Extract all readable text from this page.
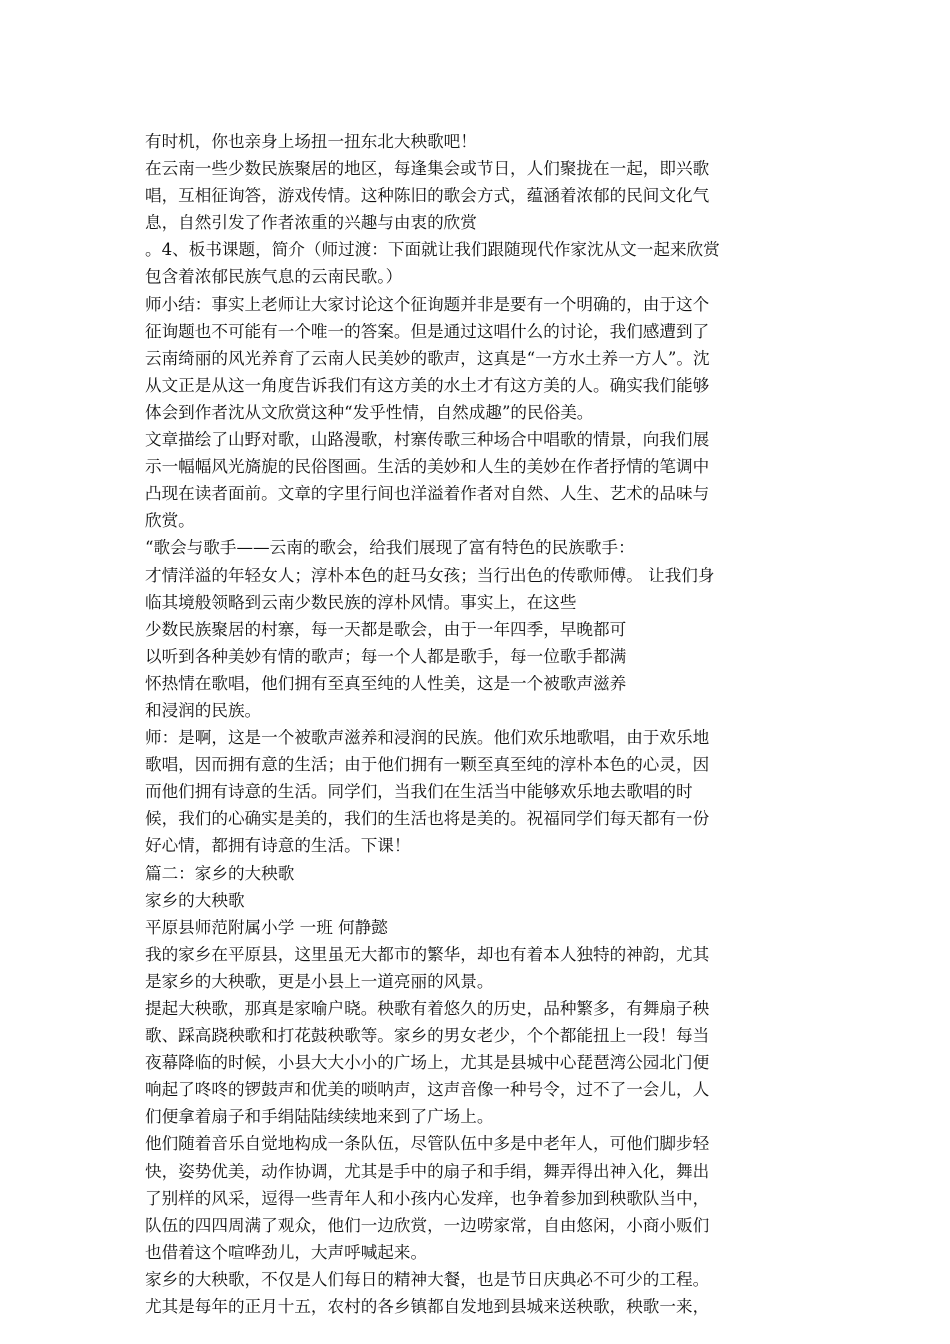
有时机，你也亲身上场扭一扭东北大秧歌吧！
在云南一些少数民族聚居的地区，每逢集会或节日，人们聚拢在一起，即兴歌
唱，互相征询答，游戏传情。这种陈旧的歌会方式，蕴涵着浓郁的民间文化气
息，自然引发了作者浓重的兴趣与由衷的欣赏
。4、板书课题，简介（师过渡：下面就让我们跟随现代作家沈从文一起来欣赏
包含着浓郁民族气息的云南民歌。）
师小结：事实上老师让大家讨论这个征询题并非是要有一个明确的，由于这个
征询题也不可能有一个唯一的答案。但是通过这唱什么的讨论，我们感遭到了
云南绮丽的风光养育了云南人民美妙的歌声，这真是“一方水土养一方人”。沈
从文正是从这一角度告诉我们有这方美的水土才有这方美的人。确实我们能够
体会到作者沈从文欣赏这种“发乎性情，自然成趣”的民俗美。
文章描绘了山野对歌，山路漫歌，村寨传歌三种场合中唱歌的情景，向我们展
示一幅幅风光旖旎的民俗图画。生活的美妙和人生的美妙在作者抒情的笔调中
凸现在读者面前。文章的字里行间也洋溢着作者对自然、人生、艺术的品味与
欣赏。
“歌会与歌手——云南的歌会，给我们展现了富有特色的民族歌手：
才情洋溢的年轻女人；淳朴本色的赶马女孩；当行出色的传歌师傅。 让我们身
临其境般领略到云南少数民族的淳朴风情。事实上，在这些
少数民族聚居的村寨，每一天都是歌会，由于一年四季，早晚都可
以听到各种美妙有情的歌声；每一个人都是歌手，每一位歌手都满
怀热情在歌唱，他们拥有至真至纯的人性美，这是一个被歌声滋养
和浸润的民族。
师：是啊，这是一个被歌声滋养和浸润的民族。他们欢乐地歌唱，由于欢乐地
歌唱，因而拥有意的生活；由于他们拥有一颗至真至纯的淳朴本色的心灵，因
而他们拥有诗意的生活。同学们，当我们在生活当中能够欢乐地去歌唱的时
候，我们的心确实是美的，我们的生活也将是美的。祝福同学们每天都有一份
好心情，都拥有诗意的生活。下课！
篇二：家乡的大秧歌
家乡的大秧歌
平原县师范附属小学 一班 何静懿
我的家乡在平原县，这里虽无大都市的繁华，却也有着本人独特的神韵，尤其
是家乡的大秧歌，更是小县上一道亮丽的风景。
提起大秧歌，那真是家喻户晓。秧歌有着悠久的历史，品种繁多，有舞扇子秧
歌、踩高跷秧歌和打花鼓秧歌等。家乡的男女老少，个个都能扭上一段！每当
夜幕降临的时候，小县大大小小的广场上，尤其是县城中心琵琶湾公园北门便
响起了咚咚的锣鼓声和优美的唢呐声，这声音像一种号令，过不了一会儿，人
们便拿着扇子和手绢陆陆续续地来到了广场上。
他们随着音乐自觉地构成一条队伍，尽管队伍中多是中老年人，可他们脚步轻
快，姿势优美，动作协调，尤其是手中的扇子和手绢，舞弄得出神入化，舞出
了别样的风采，逗得一些青年人和小孩内心发痒，也争着参加到秧歌队当中，
队伍的四四周满了观众，他们一边欣赏，一边唠家常，自由悠闲，小商小贩们
也借着这个喧哗劲儿，大声呼喊起来。
家乡的大秧歌，不仅是人们每日的精神大餐，也是节日庆典必不可少的工程。
尤其是每年的正月十五，农村的各乡镇都自发地到县城来送秧歌，秧歌一来，
